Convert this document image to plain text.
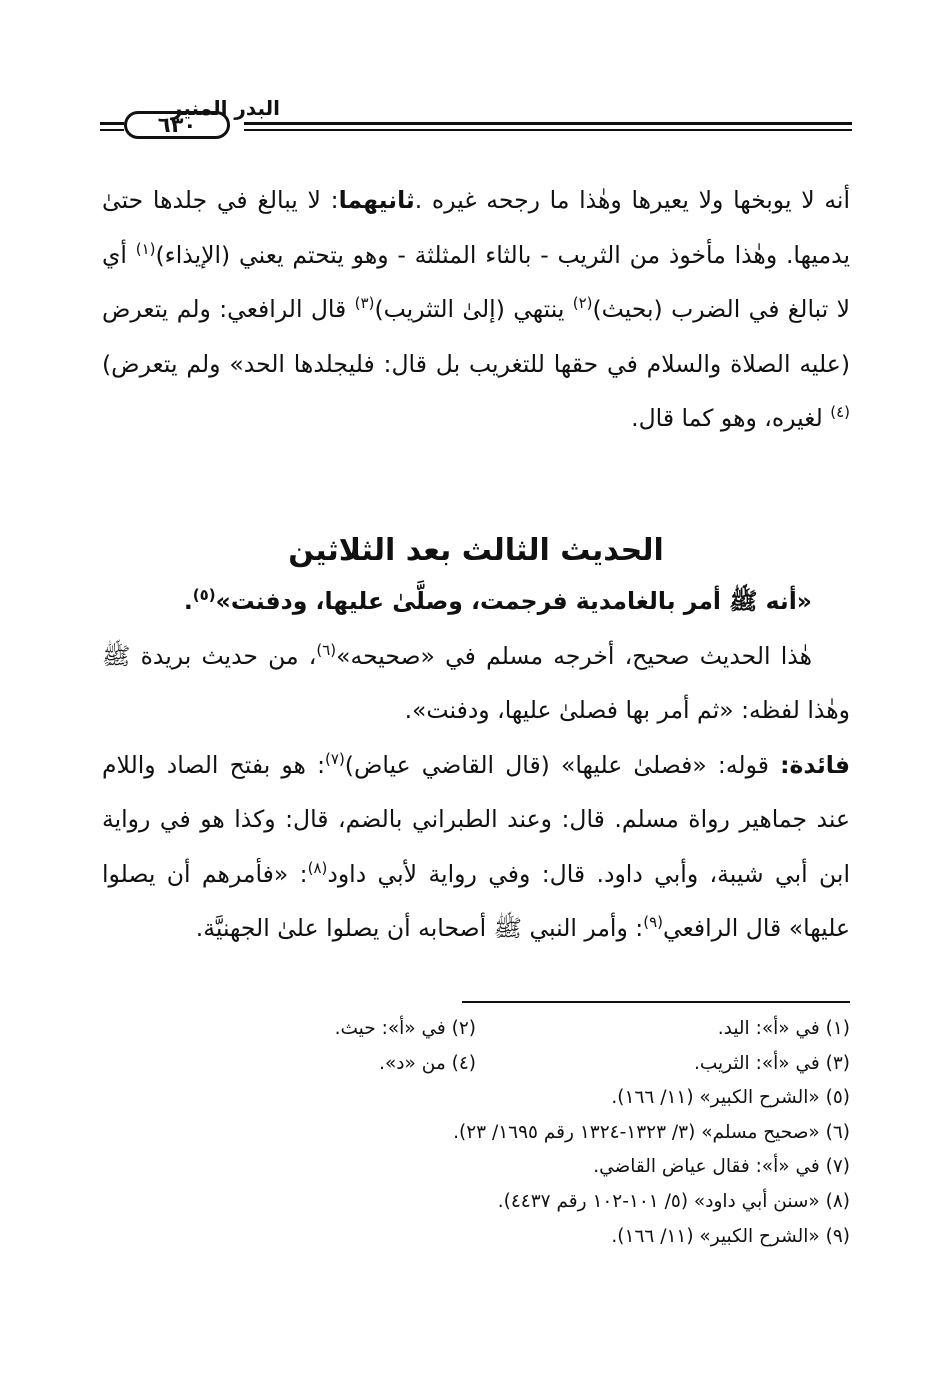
البدر المنير
٦٣٠

أنه لا يوبخها ولا يعيرها وهٰذا ما رجحه غيره .ثانيهما: لا يبالغ في جلدها حتىٰ يدميها. وهٰذا مأخوذ من الثريب - بالثاء المثلثة - وهو يتحتم يعني (الإيذاء)$^{(١)}$ أي لا تبالغ في الضرب (بحيث)$^{(٢)}$ ينتهي (إلىٰ التثريب)$^{(٣)}$ قال الرافعي: ولم يتعرض (عليه الصلاة والسلام في حقها للتغريب بل قال: فليجلدها الحد» ولم يتعرض)$^{(٤)}$ لغيره، وهو كما قال.

الحديث الثالث بعد الثلاثين

«أنه ﷺ أمر بالغامدية فرجمت، وصلَّىٰ عليها، ودفنت»$^{(٥)}$.

هٰذا الحديث صحيح، أخرجه مسلم في «صحيحه»$^{(٦)}$، من حديث بريدة ﷺ وهٰذا لفظه: «ثم أمر بها فصلىٰ عليها، ودفنت».

فائدة: قوله: «فصلىٰ عليها» (قال القاضي عياض)$^{(٧)}$: هو بفتح الصاد واللام عند جماهير رواة مسلم. قال: وعند الطبراني بالضم، قال: وكذا هو في رواية ابن أبي شيبة، وأبي داود. قال: وفي رواية لأبي داود$^{(٨)}$: «فأمرهم أن يصلوا عليها» قال الرافعي$^{(٩)}$: وأمر النبي ﷺ أصحابه أن يصلوا علىٰ الجهنيَّة.

(١) في «أ»: اليد.
(٢) في «أ»: حيث.
(٣) في «أ»: الثريب.
(٤) من «د».
(٥) «الشرح الكبير» (١١/ ١٦٦).
(٦) «صحيح مسلم» (٣/ ١٣٢٣-١٣٢٤ رقم ١٦٩٥/ ٢٣).
(٧) في «أ»: فقال عياض القاضي.
(٨) «سنن أبي داود» (٥/ ١٠١-١٠٢ رقم ٤٤٣٧).
(٩) «الشرح الكبير» (١١/ ١٦٦).
